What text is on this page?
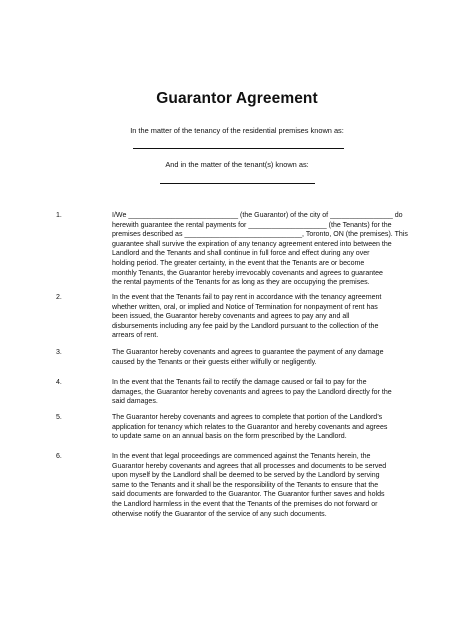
Guarantor Agreement
In the matter of the tenancy of the residential premises known as:
And in the matter of the tenant(s) known as:
1.	I/We ____________________________ (the Guarantor) of the city of ________________ do
herewith guarantee the rental payments for ____________________ (the Tenants) for the
premises described as ______________________________, Toronto, ON (the premises). This
guarantee shall survive the expiration of any tenancy agreement entered into between the
Landlord and the Tenants and shall continue in full force and effect during any over
holding period. The greater certainty, in the event that the Tenants are or become
monthly Tenants, the Guarantor hereby irrevocably covenants and agrees to guarantee
the rental payments of the Tenants for as long as they are occupying the premises.
2.	In the event that the Tenants fail to pay rent in accordance with the tenancy agreement
whether written, oral, or implied and Notice of Termination for nonpayment of rent has
been issued, the Guarantor hereby covenants and agrees to pay any and all
disbursements including any fee paid by the Landlord pursuant to the collection of the
arrears of rent.
3.	The Guarantor hereby covenants and agrees to guarantee the payment of any damage
caused by the Tenants or their guests either wilfully or negligently.
4.	In the event that the Tenants fail to rectify the damage caused or fail to pay for the
damages, the Guarantor hereby covenants and agrees to pay the Landlord directly for the
said damages.
5.	The Guarantor hereby covenants and agrees to complete that portion of the Landlord’s
application for tenancy which relates to the Guarantor and hereby covenants and agrees
to update same on an annual basis on the form prescribed by the Landlord.
6.	In the event that legal proceedings are commenced against the Tenants herein, the
Guarantor hereby covenants and agrees that all processes and documents to be served
upon myself by the Landlord shall be deemed to be served by the Landlord by serving
same to the Tenants and it shall be the responsibility of the Tenants to ensure that the
said documents are forwarded to the Guarantor. The Guarantor further saves and holds
the Landlord harmless in the event that the Tenants of the premises do not forward or
otherwise notify the Guarantor of the service of any such documents.
